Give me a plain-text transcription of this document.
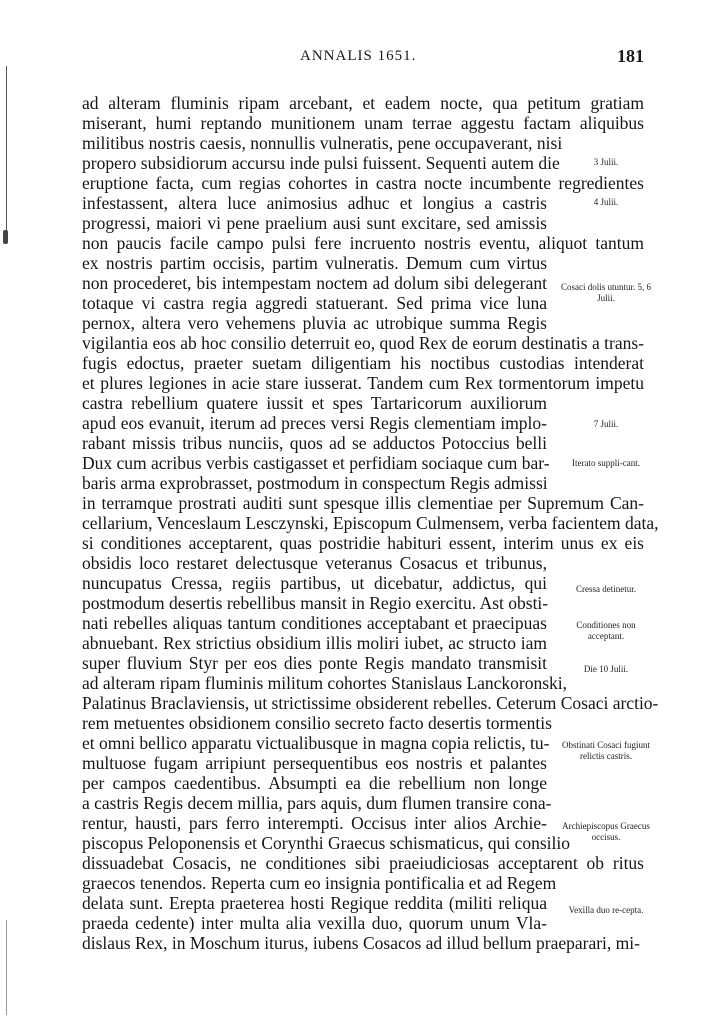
ANNALIS 1651.	181
ad alteram fluminis ripam arcebant, et eadem nocte, qua petitum gratiam
miserant, humi reptando munitionem unam terrae aggestu factam aliquibus
militibus nostris caesis, nonnullis vulneratis, pene occupaverant, nisi
propero subsidiorum accursu inde pulsi fuissent. Sequenti autem die
eruptione facta, cum regias cohortes in castra nocte incumbente regredientes
infestassent, altera luce animosius adhuc et longius a castris
progressi, maiori vi pene praelium ausi sunt excitare, sed amissis
non paucis facile campo pulsi fere incruento nostris eventu, aliquot tantum
ex nostris partim occisis, partim vulneratis. Demum cum virtus
non procederet, bis intempestam noctem ad dolum sibi delegerant
totaque vi castra regia aggredi statuerant. Sed prima vice luna
pernox, altera vero vehemens pluvia ac utrobique summa Regis
vigilantia eos ab hoc consilio deterruit eo, quod Rex de eorum destinatis a trans-
fugis edoctus, praeter suetam diligentiam his noctibus custodias intenderat
et plures legiones in acie stare iusserat. Tandem cum Rex tormentorum impetu
castra rebellium quatere iussit et spes Tartaricorum auxiliorum
apud eos evanuit, iterum ad preces versi Regis clementiam implo-
rabant missis tribus nunciis, quos ad se adductos Potoccius belli
Dux cum acribus verbis castigasset et perfidiam sociaque cum bar-
baris arma exprobrasset, postmodum in conspectum Regis admissi
in terramque prostrati auditi sunt spesque illis clementiae per Supremum Can-
cellarium, Venceslaum Lesczynski, Episcopum Culmensem, verba facientem data,
si conditiones acceptarent, quas postridie habituri essent, interim unus ex eis
obsidis loco restaret delectusque veteranus Cosacus et tribunus,
nuncupatus Cressa, regiis partibus, ut dicebatur, addictus, qui
postmodum desertis rebellibus mansit in Regio exercitu. Ast obsti-
nati rebelles aliquas tantum conditiones acceptabant et praecipuas
abnuebant. Rex strictius obsidium illis moliri iubet, ac structo iam
super fluvium Styr per eos dies ponte Regis mandato transmisit
ad alteram ripam fluminis militum cohortes Stanislaus Lanckoronski,
Palatinus Braclaviensis, ut strictissime obsiderent rebelles. Ceterum Cosaci arctio-
rem metuentes obsidionem consilio secreto facto desertis tormentis
et omni bellico apparatu victualibusque in magna copia relictis, tu-
multuose fugam arripiunt persequentibus eos nostris et palantes
per campos caedentibus. Absumpti ea die rebellium non longe
a castris Regis decem millia, pars aquis, dum flumen transire cona-
rentur, hausti, pars ferro interempti. Occisus inter alios Archie-
piscopus Peloponensis et Corynthi Graecus schismaticus, qui consilio
dissuadebat Cosacis, ne conditiones sibi praeiudiciosas acceptarent ob ritus
graecos tenendos. Reperta cum eo insignia pontificalia et ad Regem
delata sunt. Erepta praeterea hosti Regique reddita (militi reliqua
praeda cedente) inter multa alia vexilla duo, quorum unum Vla-
dislaus Rex, in Moschum iturus, iubens Cosacos ad illud bellum praeparari, mi-
3 Julii.
4 Julii.
Cosaci dolis utuntur. 5, 6 Julii.
7 Julii.
Iterato suppli-cant.
Cressa detinetur.
Conditiones non acceptant.
Die 10 Julii.
Obstinati Cosaci fugiunt relictis castris.
Archiepiscopus Graecus occisus.
Vexilla duo re-cepta.
